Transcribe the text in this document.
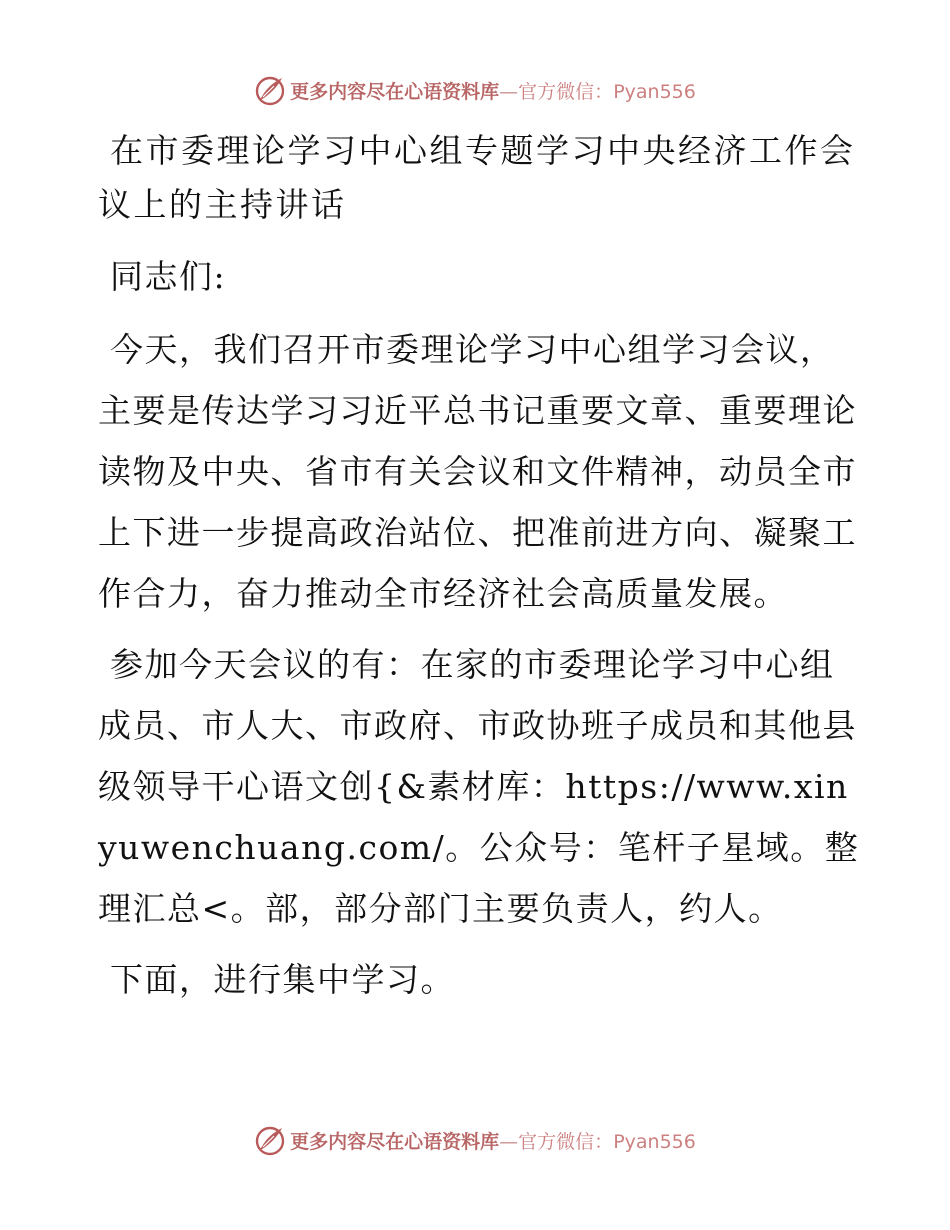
更多内容尽在心语资料库—官方微信：Pyan556
在市委理论学习中心组专题学习中央经济工作会议上的主持讲话
同志们:
今天，我们召开市委理论学习中心组学习会议，主要是传达学习习近平总书记重要文章、重要理论读物及中央、省市有关会议和文件精神，动员全市上下进一步提高政治站位、把准前进方向、凝聚工作合力，奋力推动全市经济社会高质量发展。
参加今天会议的有：在家的市委理论学习中心组成员、市人大、市政府、市政协班子成员和其他县级领导干心语文创{&素材库：https://www.xinyuwenchuang.com/。公众号：笔杆子星域。整理汇总<。部，部分部门主要负责人，约人。
下面，进行集中学习。
更多内容尽在心语资料库—官方微信：Pyan556
